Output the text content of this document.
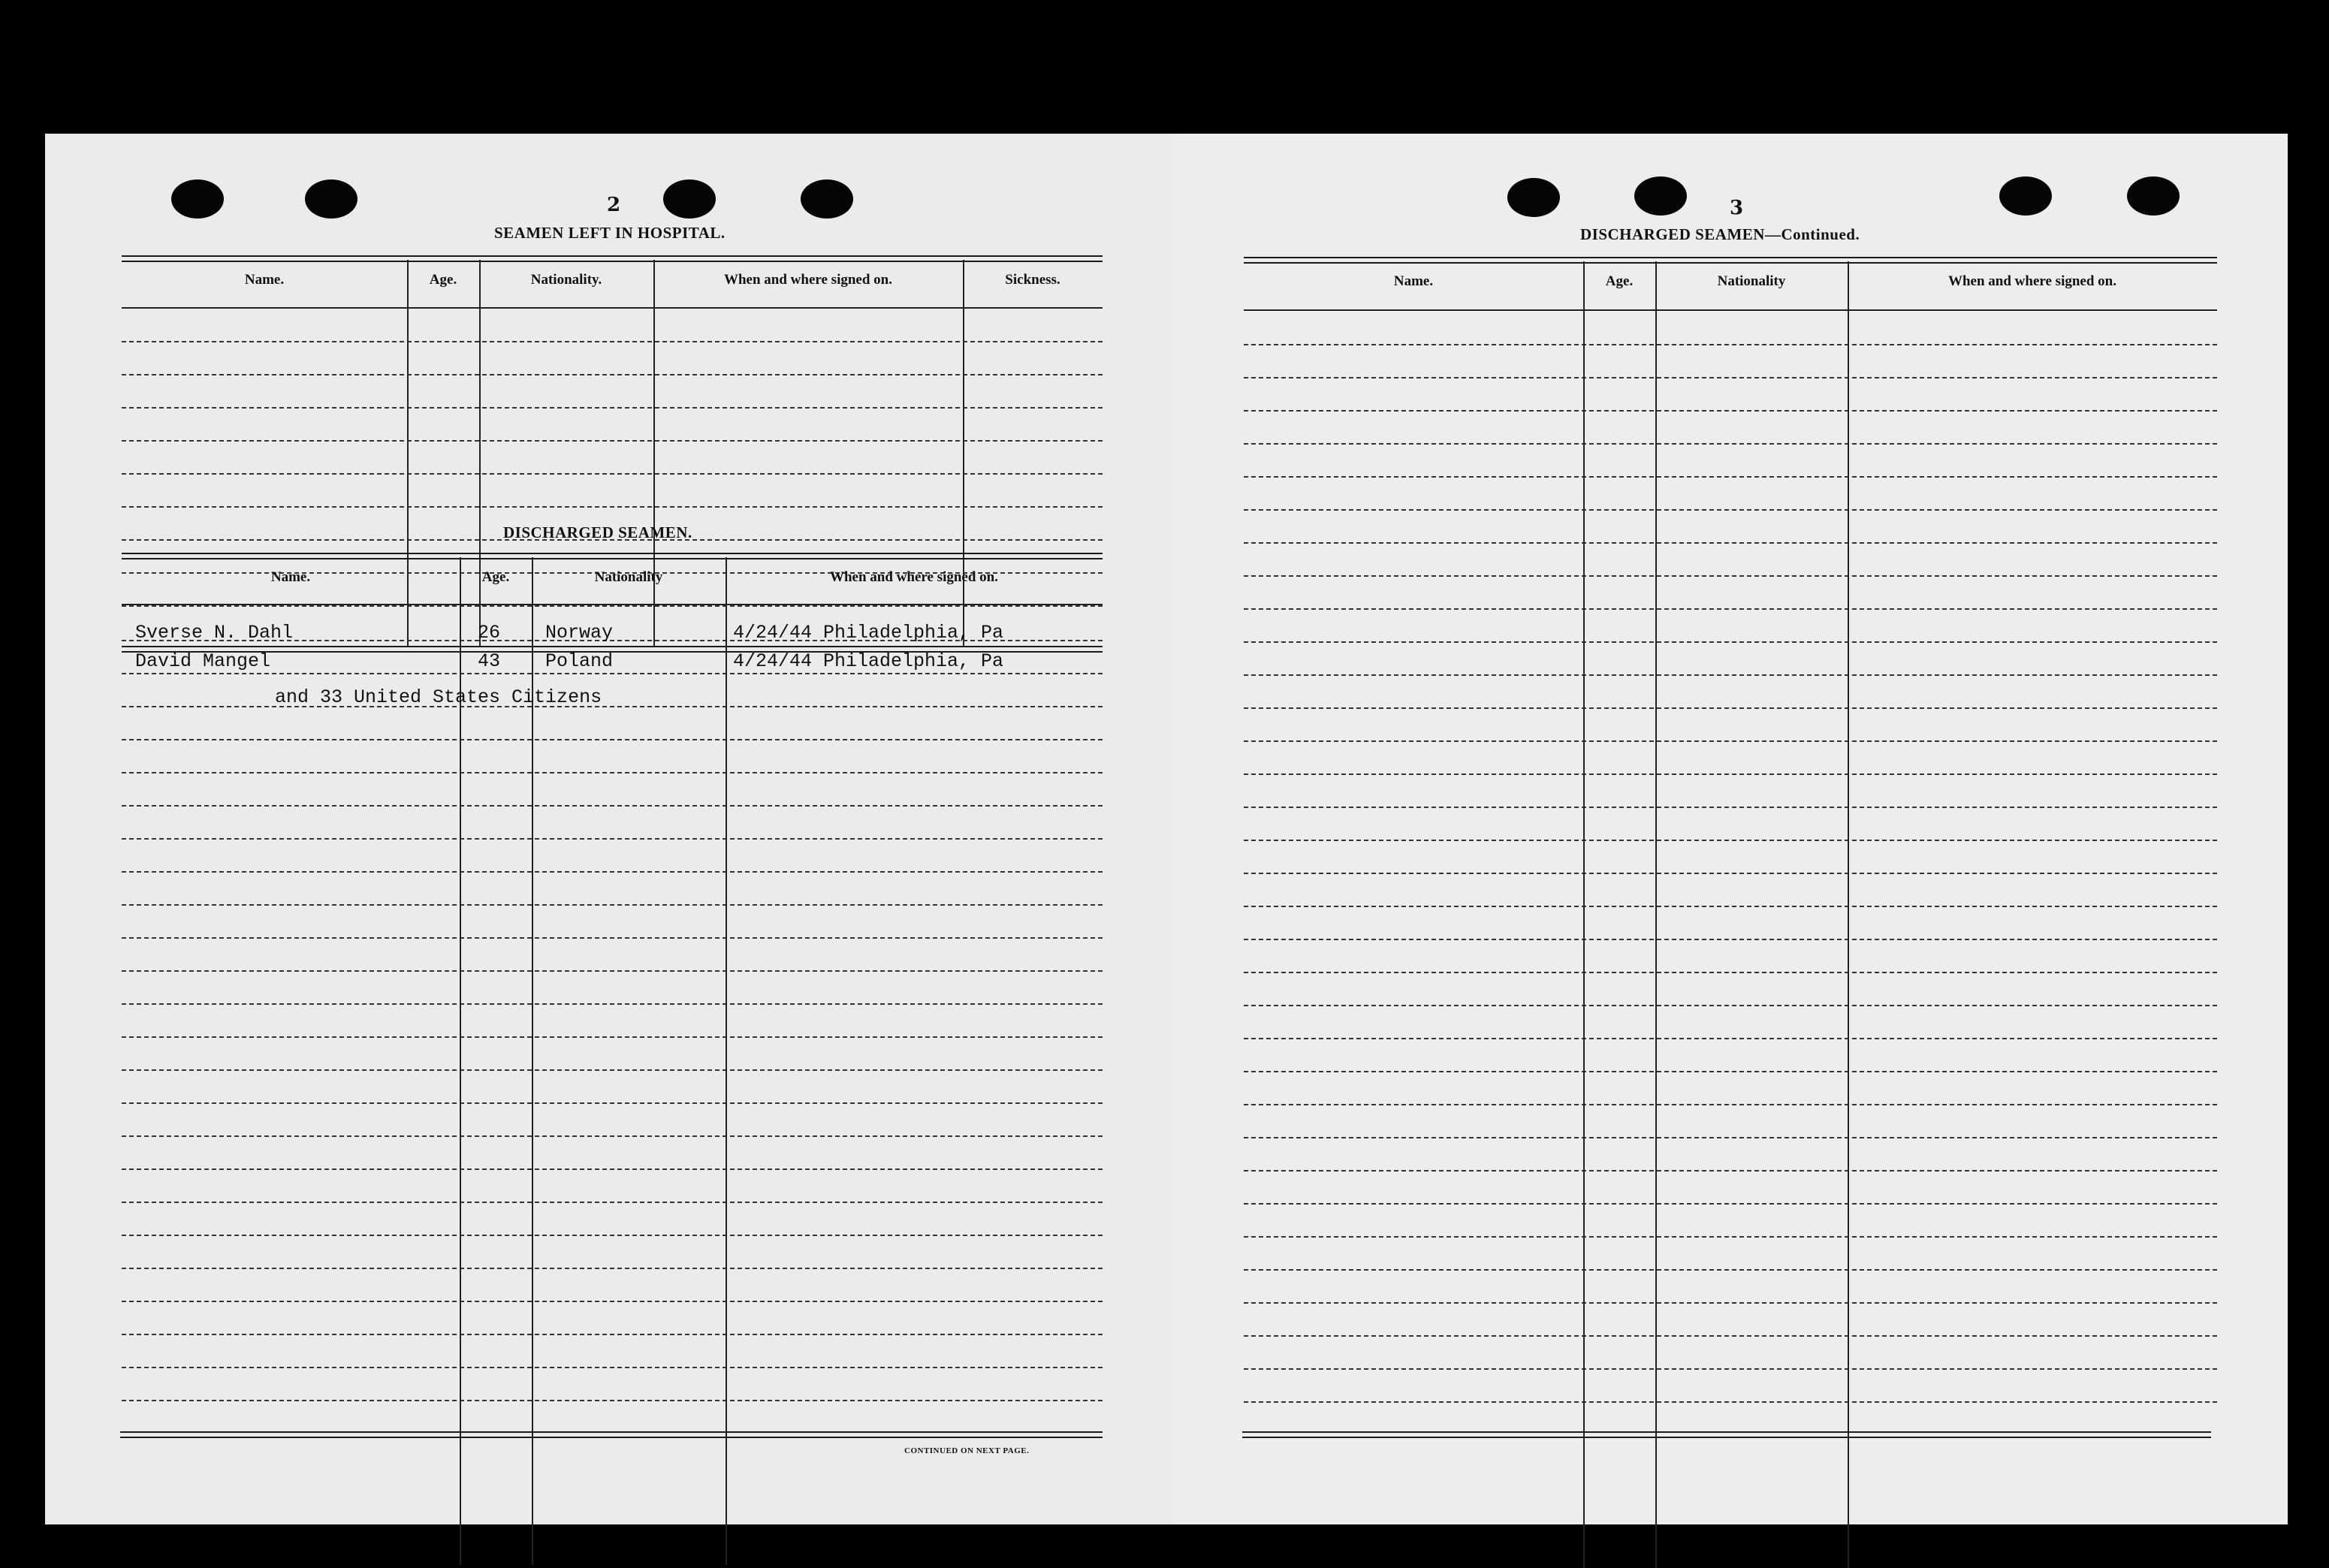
2
SEAMEN LEFT IN HOSPITAL.
Name.	Age.	Nationality.	When and where signed on.	Sickness.
DISCHARGED SEAMEN.
Name.	Age.	Nationality	When and where signed on.
Sverse N. Dahl	26 Norway	4/24/44 Philadelphia, Pa
David Mangel	43 Poland	4/24/44 Philadelphia, Pa
and 33 United States Citizens
CONTINUED ON NEXT PAGE.
3
DISCHARGED SEAMEN—Continued.
Name.	Age.	Nationality	When and where signed on.
